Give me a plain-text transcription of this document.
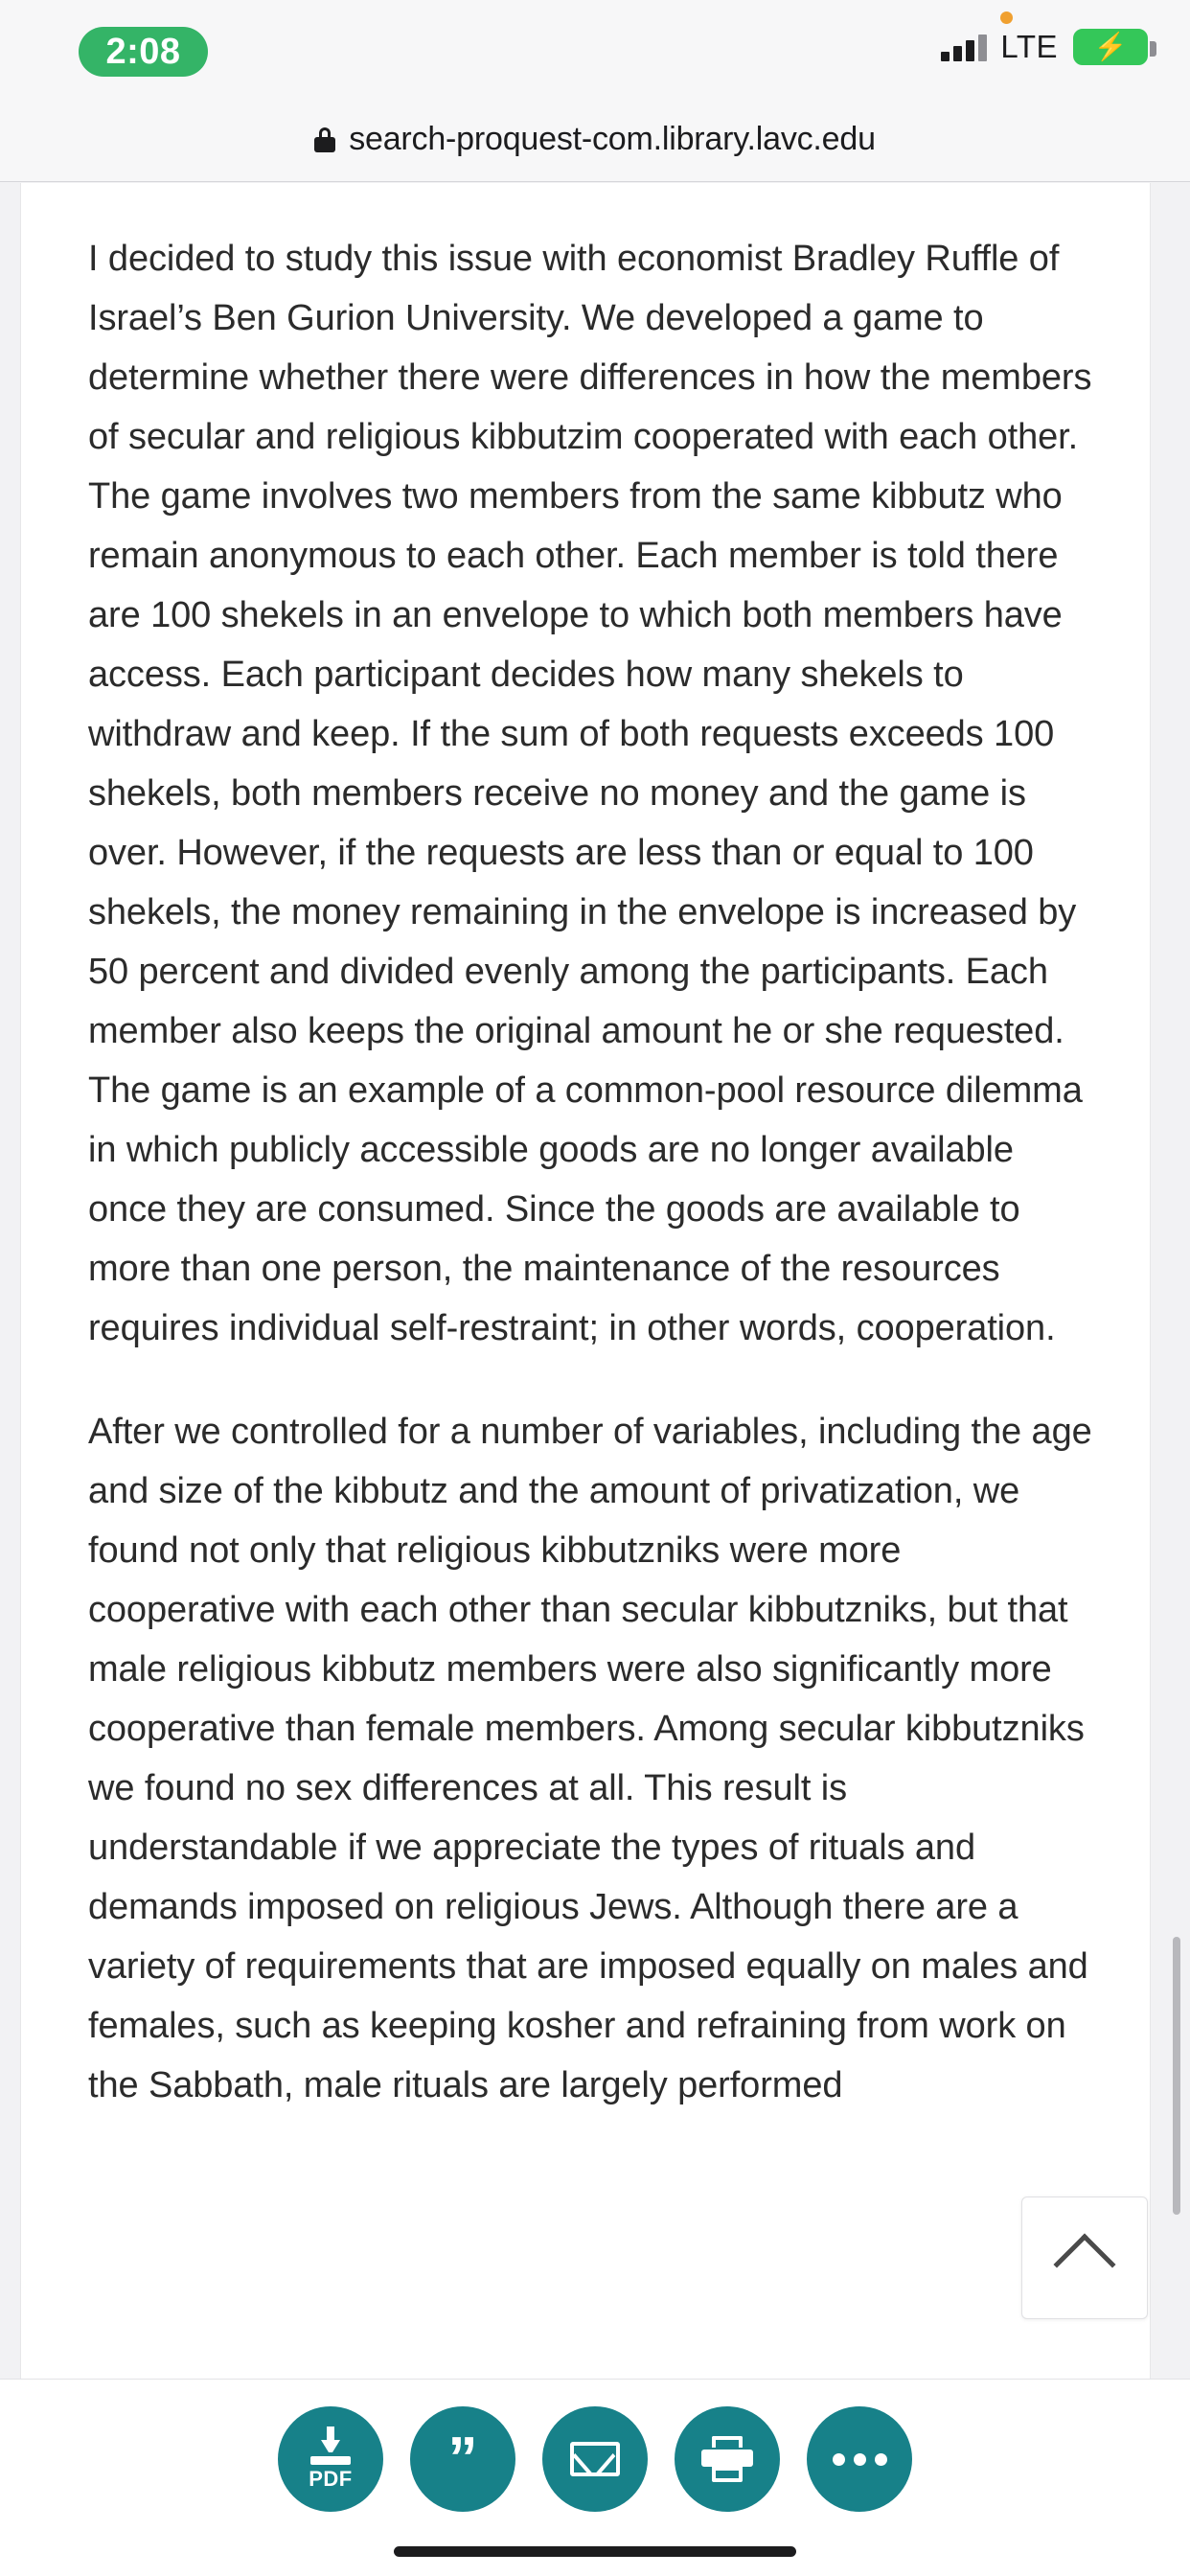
2:08	LTE ⚡
search-proquest-com.library.lavc.edu

I decided to study this issue with economist Bradley Ruffle of Israel’s Ben Gurion University. We developed a game to determine whether there were differences in how the members of secular and religious kibbutzim cooperated with each other. The game involves two members from the same kibbutz who remain anonymous to each other. Each member is told there are 100 shekels in an envelope to which both members have access. Each participant decides how many shekels to withdraw and keep. If the sum of both requests exceeds 100 shekels, both members receive no money and the game is over. However, if the requests are less than or equal to 100 shekels, the money remaining in the envelope is increased by 50 percent and divided evenly among the participants. Each member also keeps the original amount he or she requested. The game is an example of a common-pool resource dilemma in which publicly accessible goods are no longer available once they are consumed. Since the goods are available to more than one person, the maintenance of the resources requires individual self-restraint; in other words, cooperation.

After we controlled for a number of variables, including the age and size of the kibbutz and the amount of privatization, we found not only that religious kibbutzniks were more cooperative with each other than secular kibbutzniks, but that male religious kibbutz members were also significantly more cooperative than female members. Among secular kibbutzniks we found no sex differences at all. This result is understandable if we appreciate the types of rituals and demands imposed on religious Jews. Although there are a variety of requirements that are imposed equally on males and females, such as keeping kosher and refraining from work on the Sabbath, male rituals are largely performed

PDF ”
